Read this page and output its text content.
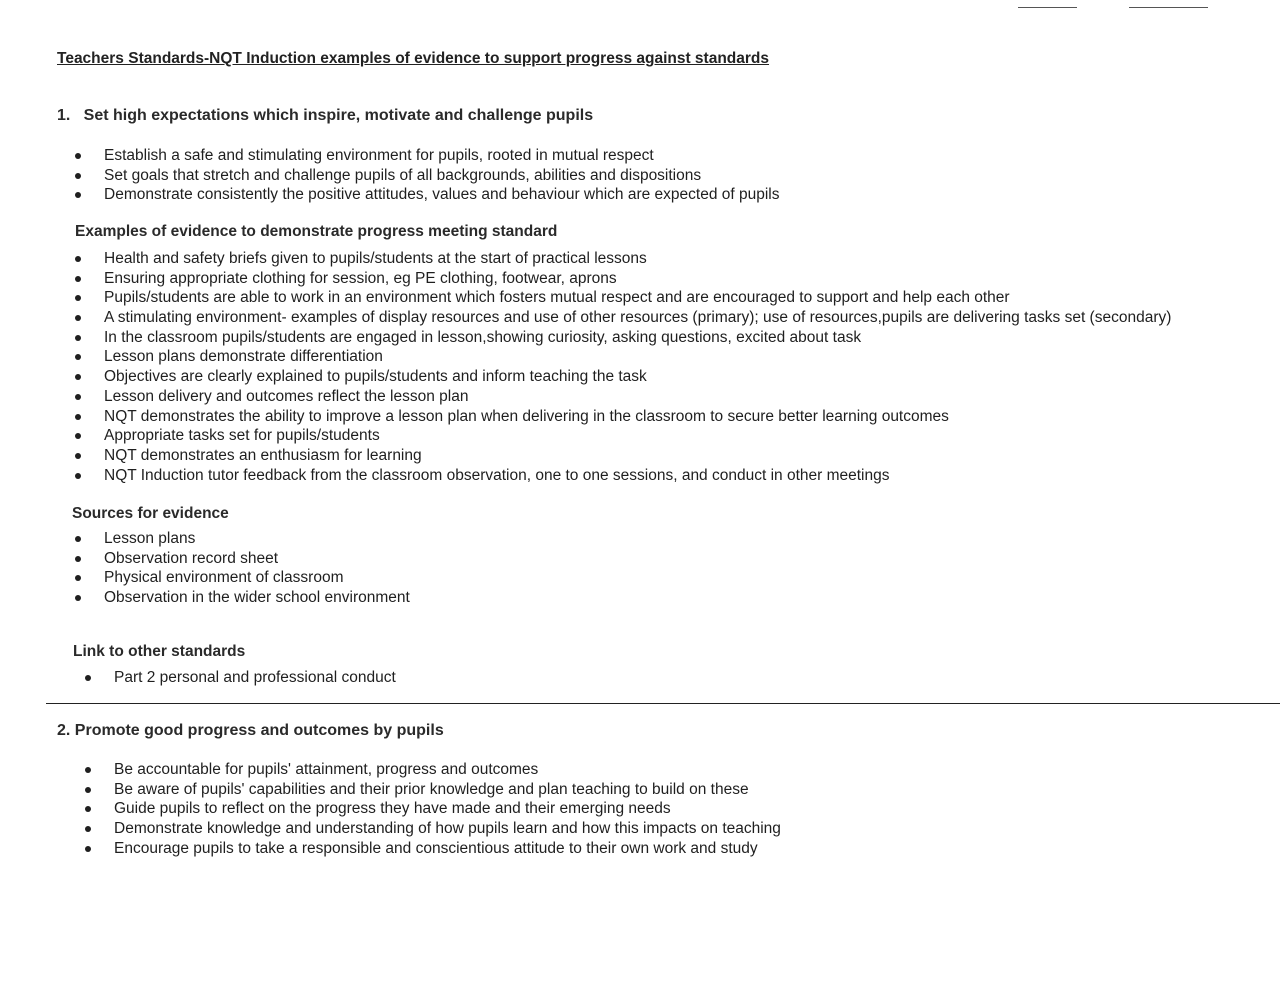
Teachers Standards-NQT Induction examples of evidence to support progress against standards
1.   Set high expectations which inspire, motivate and challenge pupils
Establish a safe and stimulating environment for pupils, rooted in mutual respect
Set goals that stretch and challenge pupils of all backgrounds, abilities and dispositions
Demonstrate consistently the positive attitudes, values and behaviour which are expected of pupils
Examples of evidence to demonstrate progress meeting standard
Health and safety briefs given to pupils/students at the start of practical lessons
Ensuring appropriate clothing for session, eg PE clothing, footwear, aprons
Pupils/students are able to work in an environment which fosters mutual respect and are encouraged to support and help each other
A stimulating environment- examples of display resources and use of other resources (primary); use of resources,pupils are delivering tasks set (secondary)
In the classroom pupils/students are engaged in lesson,showing curiosity, asking questions, excited about task
Lesson plans demonstrate differentiation
Objectives are clearly explained to pupils/students and inform teaching the task
Lesson delivery and outcomes reflect the lesson plan
NQT demonstrates the ability to improve a lesson plan when delivering in the classroom to secure better learning outcomes
Appropriate tasks set for pupils/students
NQT demonstrates an enthusiasm for learning
NQT Induction tutor feedback from the classroom observation, one to one sessions, and conduct in other meetings
Sources for evidence
Lesson plans
Observation record sheet
Physical environment of classroom
Observation in the wider school environment
Link to other standards
Part 2 personal and professional conduct
2. Promote good progress and outcomes by pupils
Be accountable for pupils' attainment, progress and outcomes
Be aware of pupils' capabilities and their prior knowledge and plan teaching to build on these
Guide pupils to reflect on the progress they have made and their emerging needs
Demonstrate knowledge and understanding of how pupils learn and how this impacts on teaching
Encourage pupils to take a responsible and conscientious attitude to their own work and study
